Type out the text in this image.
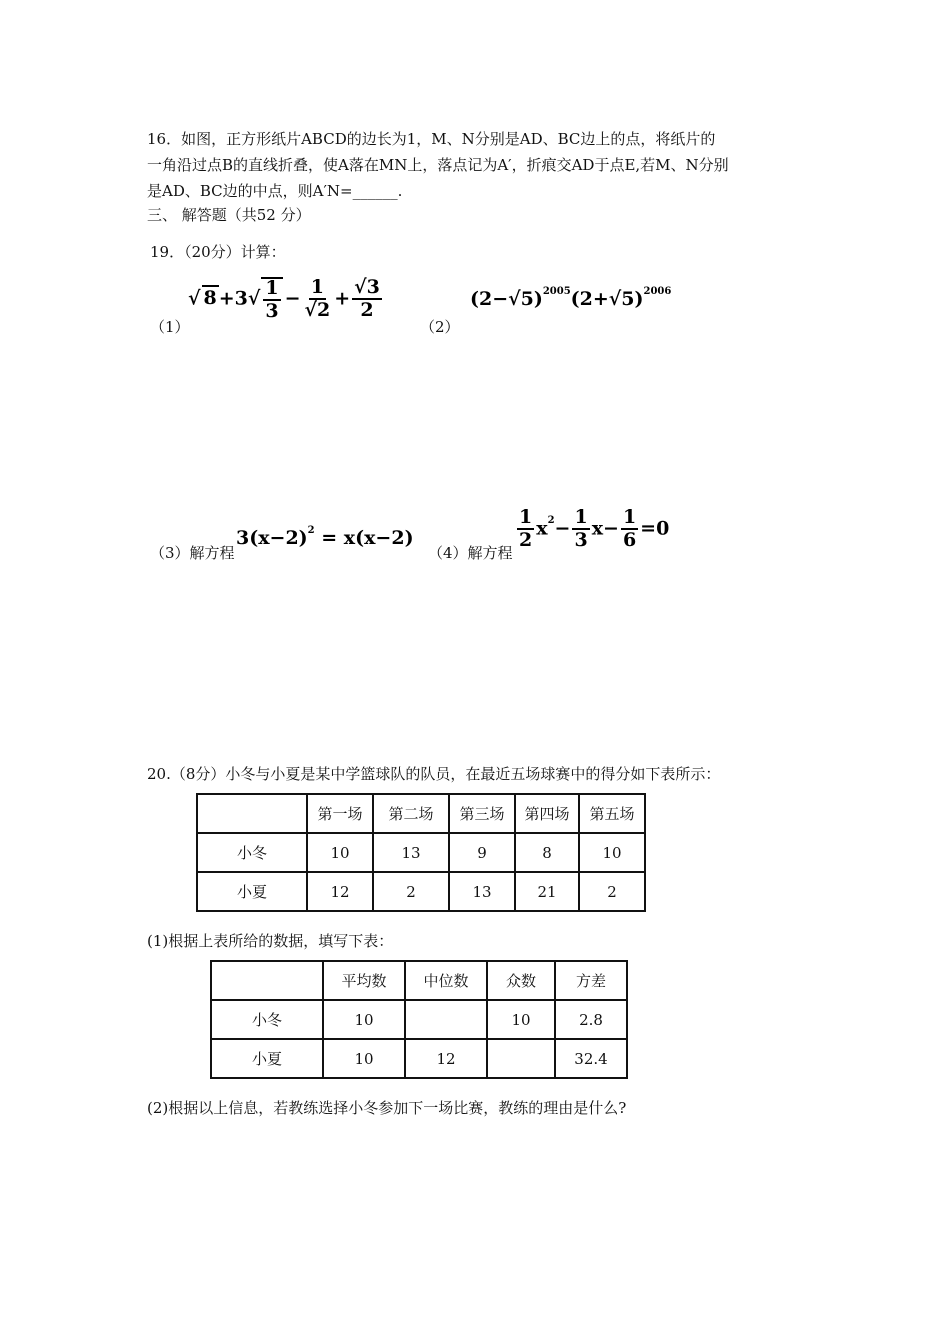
16．如图，正方形纸片ABCD的边长为1，M、N分别是AD、BC边上的点，将纸片的
一角沿过点B的直线折叠，使A落在MN上，落点记为A′，折痕交AD于点E,若M、N分别
是AD、BC边的中点，则A′N=______.
三、 解答题（共52 分）
19．（20分）计算：
（1）
√ $8 +3√ \frac{1}{3} - \frac{1}{√2} + \frac{√3}{2}$
（2）
$(2-√5)^{2005}(2+√5)^{2006}$
（3）解方程
$3(x-2)^2 = x(x-2)$
（4）解方程
$\frac{1}{2} x^2- \frac{1}{3} x- \frac{1}{6} =0$
20.（8分）小冬与小夏是某中学篮球队的队员，在最近五场球赛中的得分如下表所示：
	第一场	第二场	第三场	第四场	第五场
小冬	10	13	9	8	10
小夏	12	2	13	21	2
(1)根据上表所给的数据，填写下表：
	平均数	中位数	众数	方差
小冬	10		10	2.8
小夏	10	12		32.4
(2)根据以上信息，若教练选择小冬参加下一场比赛，教练的理由是什么?
